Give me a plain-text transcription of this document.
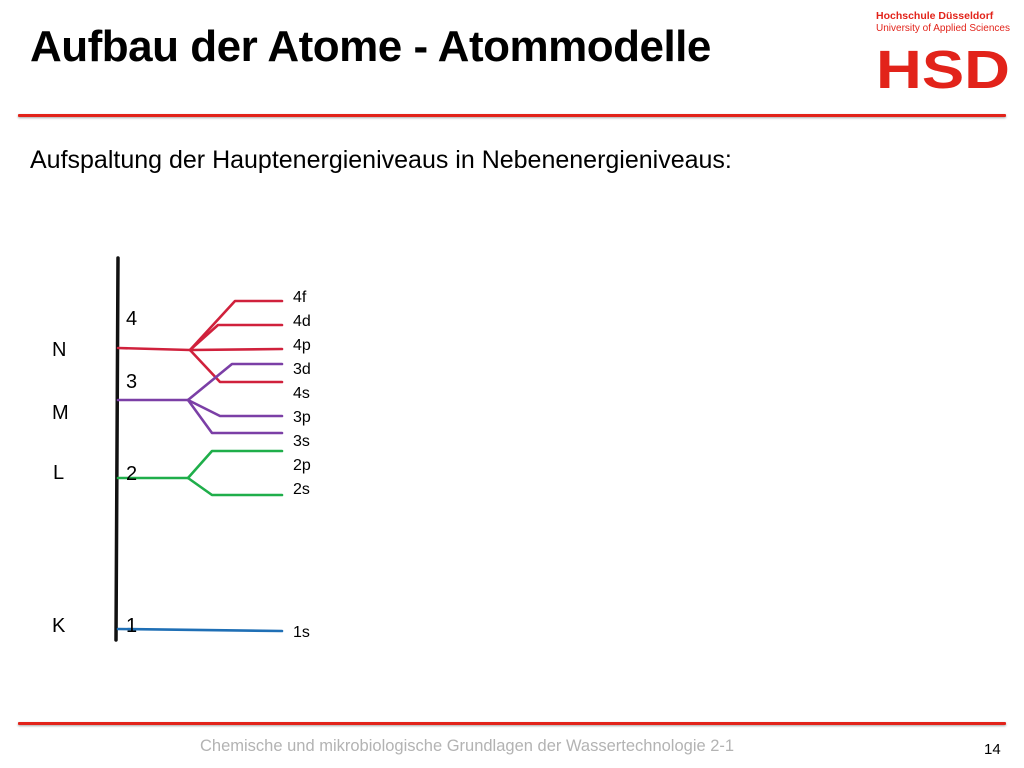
Aufbau der Atome - Atommodelle
Hochschule Düsseldorf
University of Applied Sciences
HSD
Aufspaltung der Hauptenergieniveaus in Nebenenergieniveaus:
N
M
L
K
4
3
2
1
4f
4d
4p
3d
4s
3p
3s
2p
2s
1s
Chemische und mikrobiologische Grundlagen der Wassertechnologie 2-1	14
